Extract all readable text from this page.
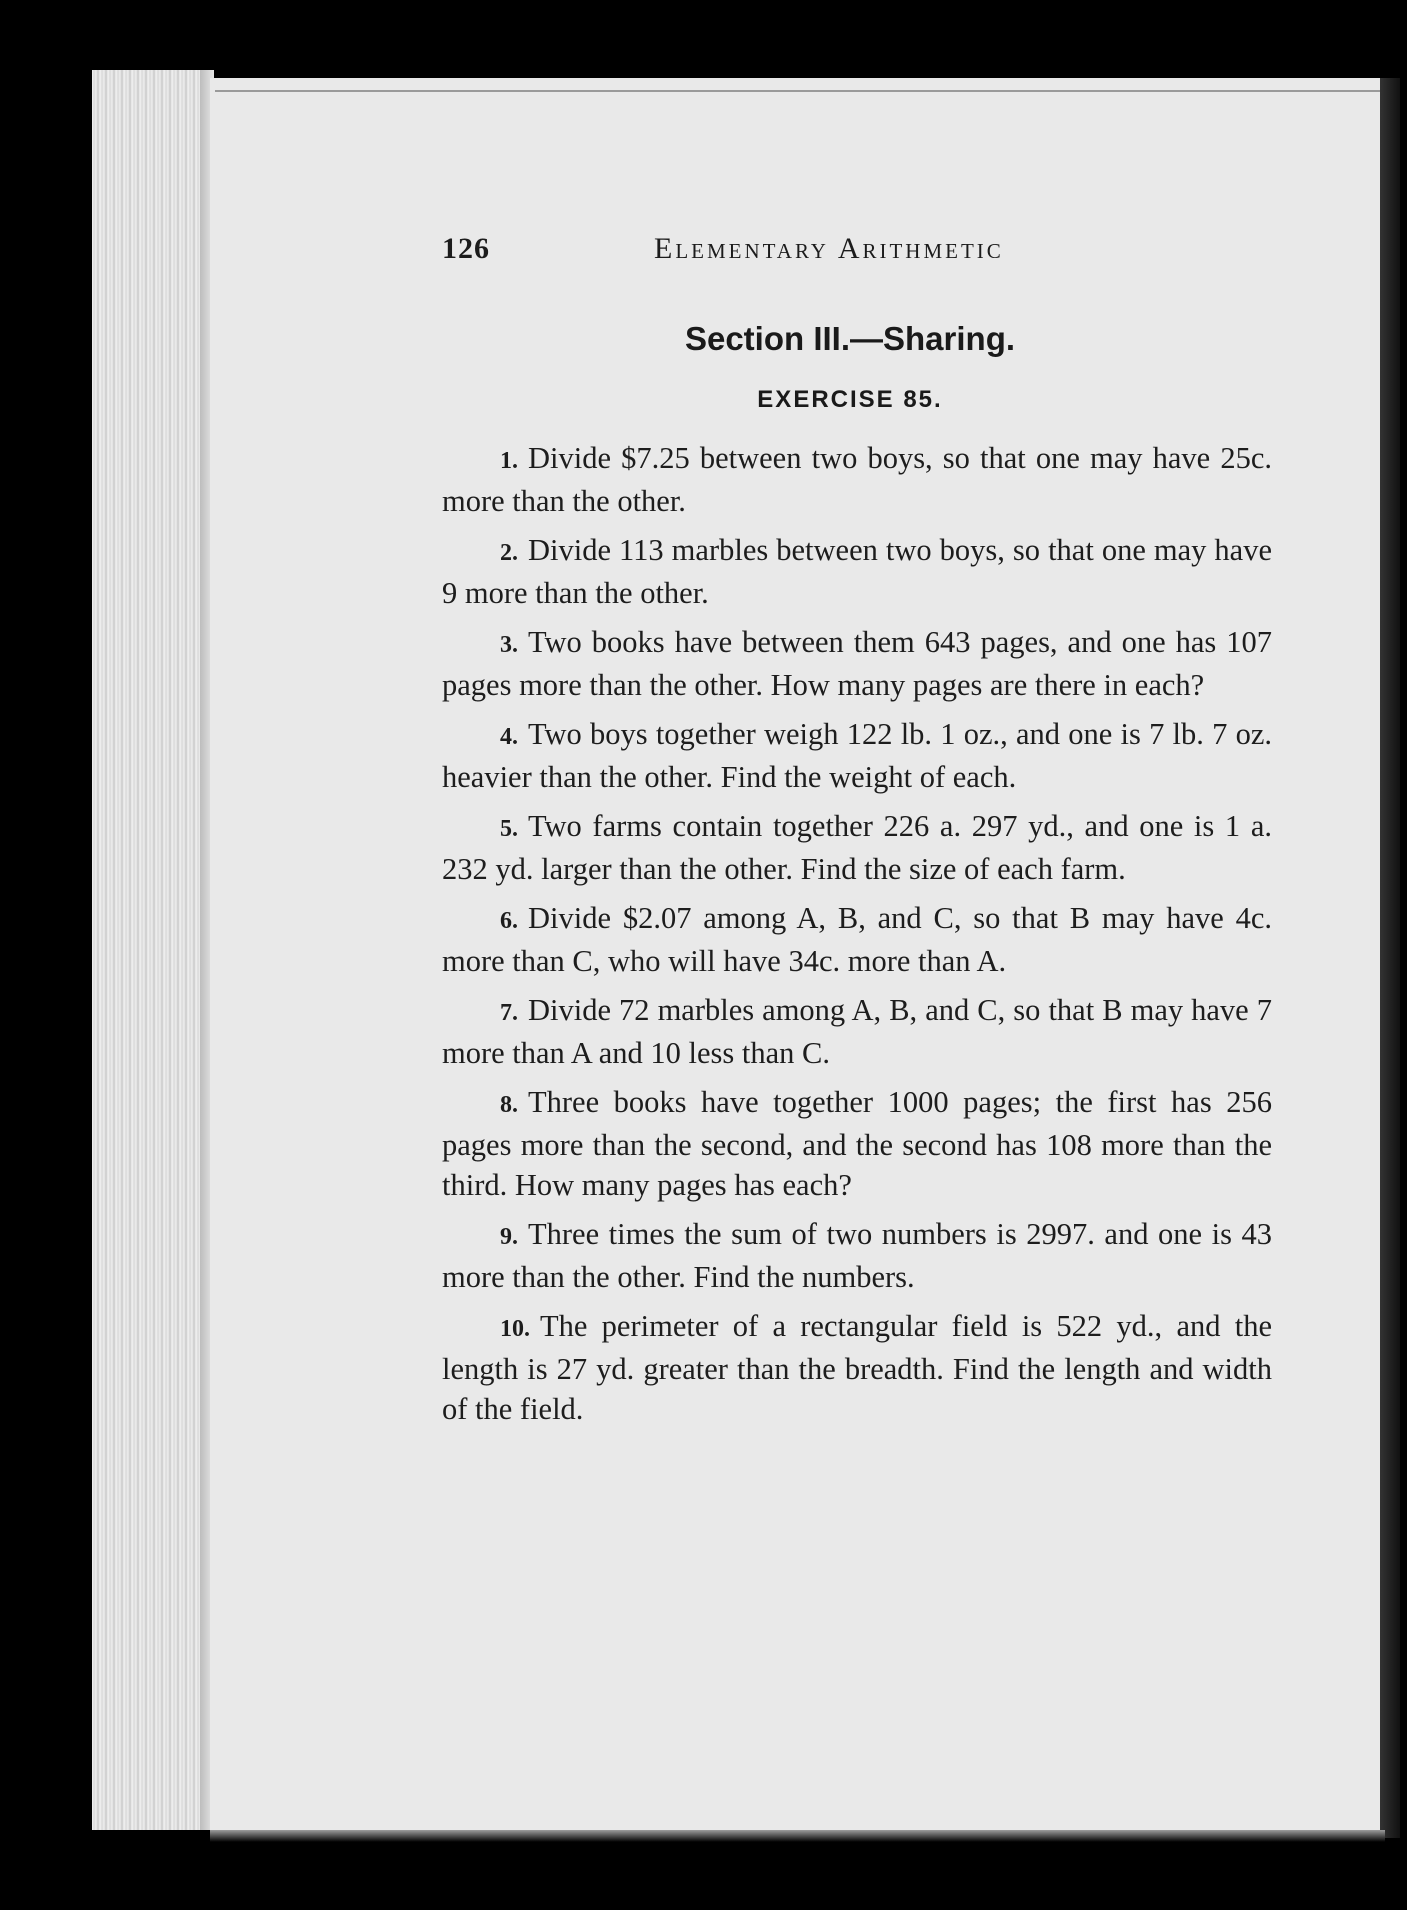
126	Elementary Arithmetic
Section III.—Sharing.
EXERCISE 85.
1. Divide $7.25 between two boys, so that one may have 25c. more than the other.
2. Divide 113 marbles between two boys, so that one may have 9 more than the other.
3. Two books have between them 643 pages, and one has 107 pages more than the other. How many pages are there in each?
4. Two boys together weigh 122 lb. 1 oz., and one is 7 lb. 7 oz. heavier than the other. Find the weight of each.
5. Two farms contain together 226 a. 297 yd., and one is 1 a. 232 yd. larger than the other. Find the size of each farm.
6. Divide $2.07 among A, B, and C, so that B may have 4c. more than C, who will have 34c. more than A.
7. Divide 72 marbles among A, B, and C, so that B may have 7 more than A and 10 less than C.
8. Three books have together 1000 pages; the first has 256 pages more than the second, and the second has 108 more than the third. How many pages has each?
9. Three times the sum of two numbers is 2997. and one is 43 more than the other. Find the numbers.
10. The perimeter of a rectangular field is 522 yd., and the length is 27 yd. greater than the breadth. Find the length and width of the field.
